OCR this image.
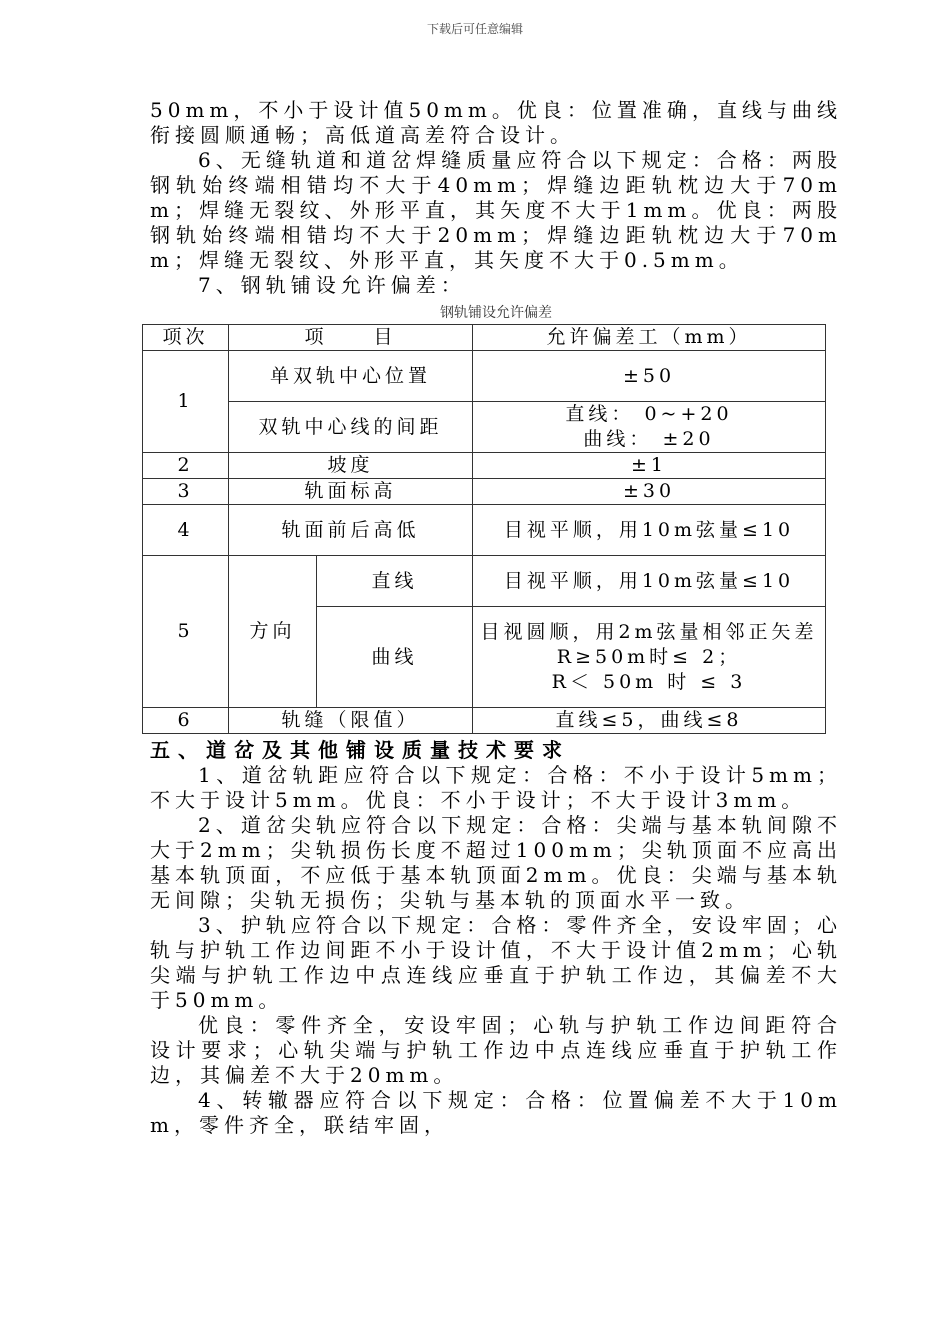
下载后可任意编辑

50mm，不小于设计值50mm。优良：位置准确，直线与曲线衔接圆顺通畅；高低道高差符合设计。

6、无缝轨道和道岔焊缝质量应符合以下规定：合格：两股钢轨始终端相错均不大于40mm；焊缝边距轨枕边大于70mm；焊缝无裂纹、外形平直，其矢度不大于1mm。优良：两股钢轨始终端相错均不大于20mm；焊缝边距轨枕边大于70mm；焊缝无裂纹、外形平直，其矢度不大于0.5mm。

7、钢轨铺设允许偏差：

钢轨铺设允许偏差
项次	项　　目		允许偏差工（mm）
1	单双轨中心位置		±50
	双轨中心线的间距		直线： 0~+20
曲线： ±20

2	坡度		±1
3	轨面标高		±30
4	轨面前后高低		目视平顺，用10m弦量≤10
5	方向	直线	目视平顺，用10m弦量≤10
		曲线	目视圆顺，用2m弦量相邻正矢差R≥50m时≤ 2；
R＜ 50m 时 ≤ 3

6	轨缝（限值）		直线≤5，曲线≤8
五、道岔及其他铺设质量技术要求

1、道岔轨距应符合以下规定：合格：不小于设计5mm；不大于设计5mm。优良：不小于设计；不大于设计3mm。

2、道岔尖轨应符合以下规定：合格：尖端与基本轨间隙不大于2mm；尖轨损伤长度不超过100mm；尖轨顶面不应高出基本轨顶面，不应低于基本轨顶面2mm。优良：尖端与基本轨无间隙；尖轨无损伤；尖轨与基本轨的顶面水平一致。

3、护轨应符合以下规定：合格：零件齐全，安设牢固；心轨与护轨工作边间距不小于设计值，不大于设计值2mm；心轨尖端与护轨工作边中点连线应垂直于护轨工作边，其偏差不大于50mm。

优良：零件齐全，安设牢固；心轨与护轨工作边间距符合设计要求；心轨尖端与护轨工作边中点连线应垂直于护轨工作边，其偏差不大于20mm。

4、转辙器应符合以下规定：合格：位置偏差不大于10mm，零件齐全，联结牢固，
